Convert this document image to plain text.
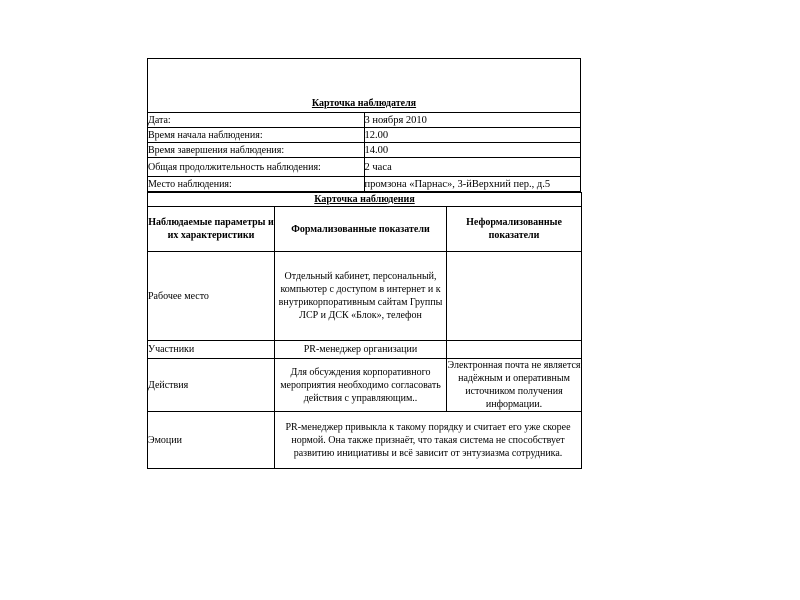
Карточка наблюдателя	

Дата:	3 ноября 2010
Время начала наблюдения:	12.00
Время завершения наблюдения:	14.00
Общая продолжительность наблюдения:	2 часа
Место наблюдения:	промзона «Парнас», 3-йВерхний пер., д.5
Карточка наблюдения		
Наблюдаемые параметры и их характеристики	Формализованные показатели	Неформализованные показатели
Рабочее место	Отдельный кабинет, персональный, компьютер с доступом в интернет и к внутрикорпоративным сайтам Группы ЛСР и ДСК «Блок», телефон	
Участники	PR-менеджер организации	
Действия	Для обсуждения корпоративного мероприятия необходимо согласовать действия с управляющим..	Электронная почта не является надёжным и оперативным источником получения информации.
Эмоции	PR-менеджер привыкла к такому порядку и считает его уже скорее нормой. Она также признаёт, что такая система не способствует развитию инициативы и всё зависит от энтузиазма сотрудника.	
